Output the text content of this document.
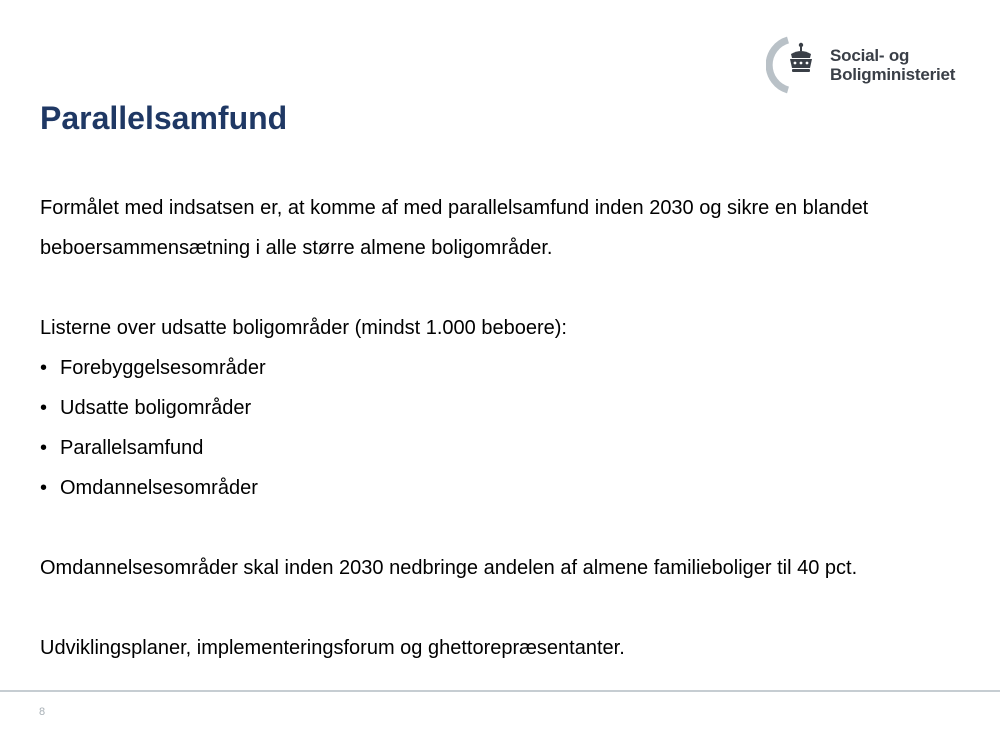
Parallelsamfund
Social- og
Boligministeriet

Formålet med indsatsen er, at komme af med parallelsamfund inden 2030 og sikre en blandet beboersammensætning i alle større almene boligområder.

Listerne over udsatte boligområder (mindst 1.000 beboere):

• Forebyggelsesområder
• Udsatte boligområder
• Parallelsamfund
• Omdannelsesområder

Omdannelsesområder skal inden 2030 nedbringe andelen af almene familieboliger til 40 pct.

Udviklingsplaner, implementeringsforum og ghettorepræsentanter.

8
